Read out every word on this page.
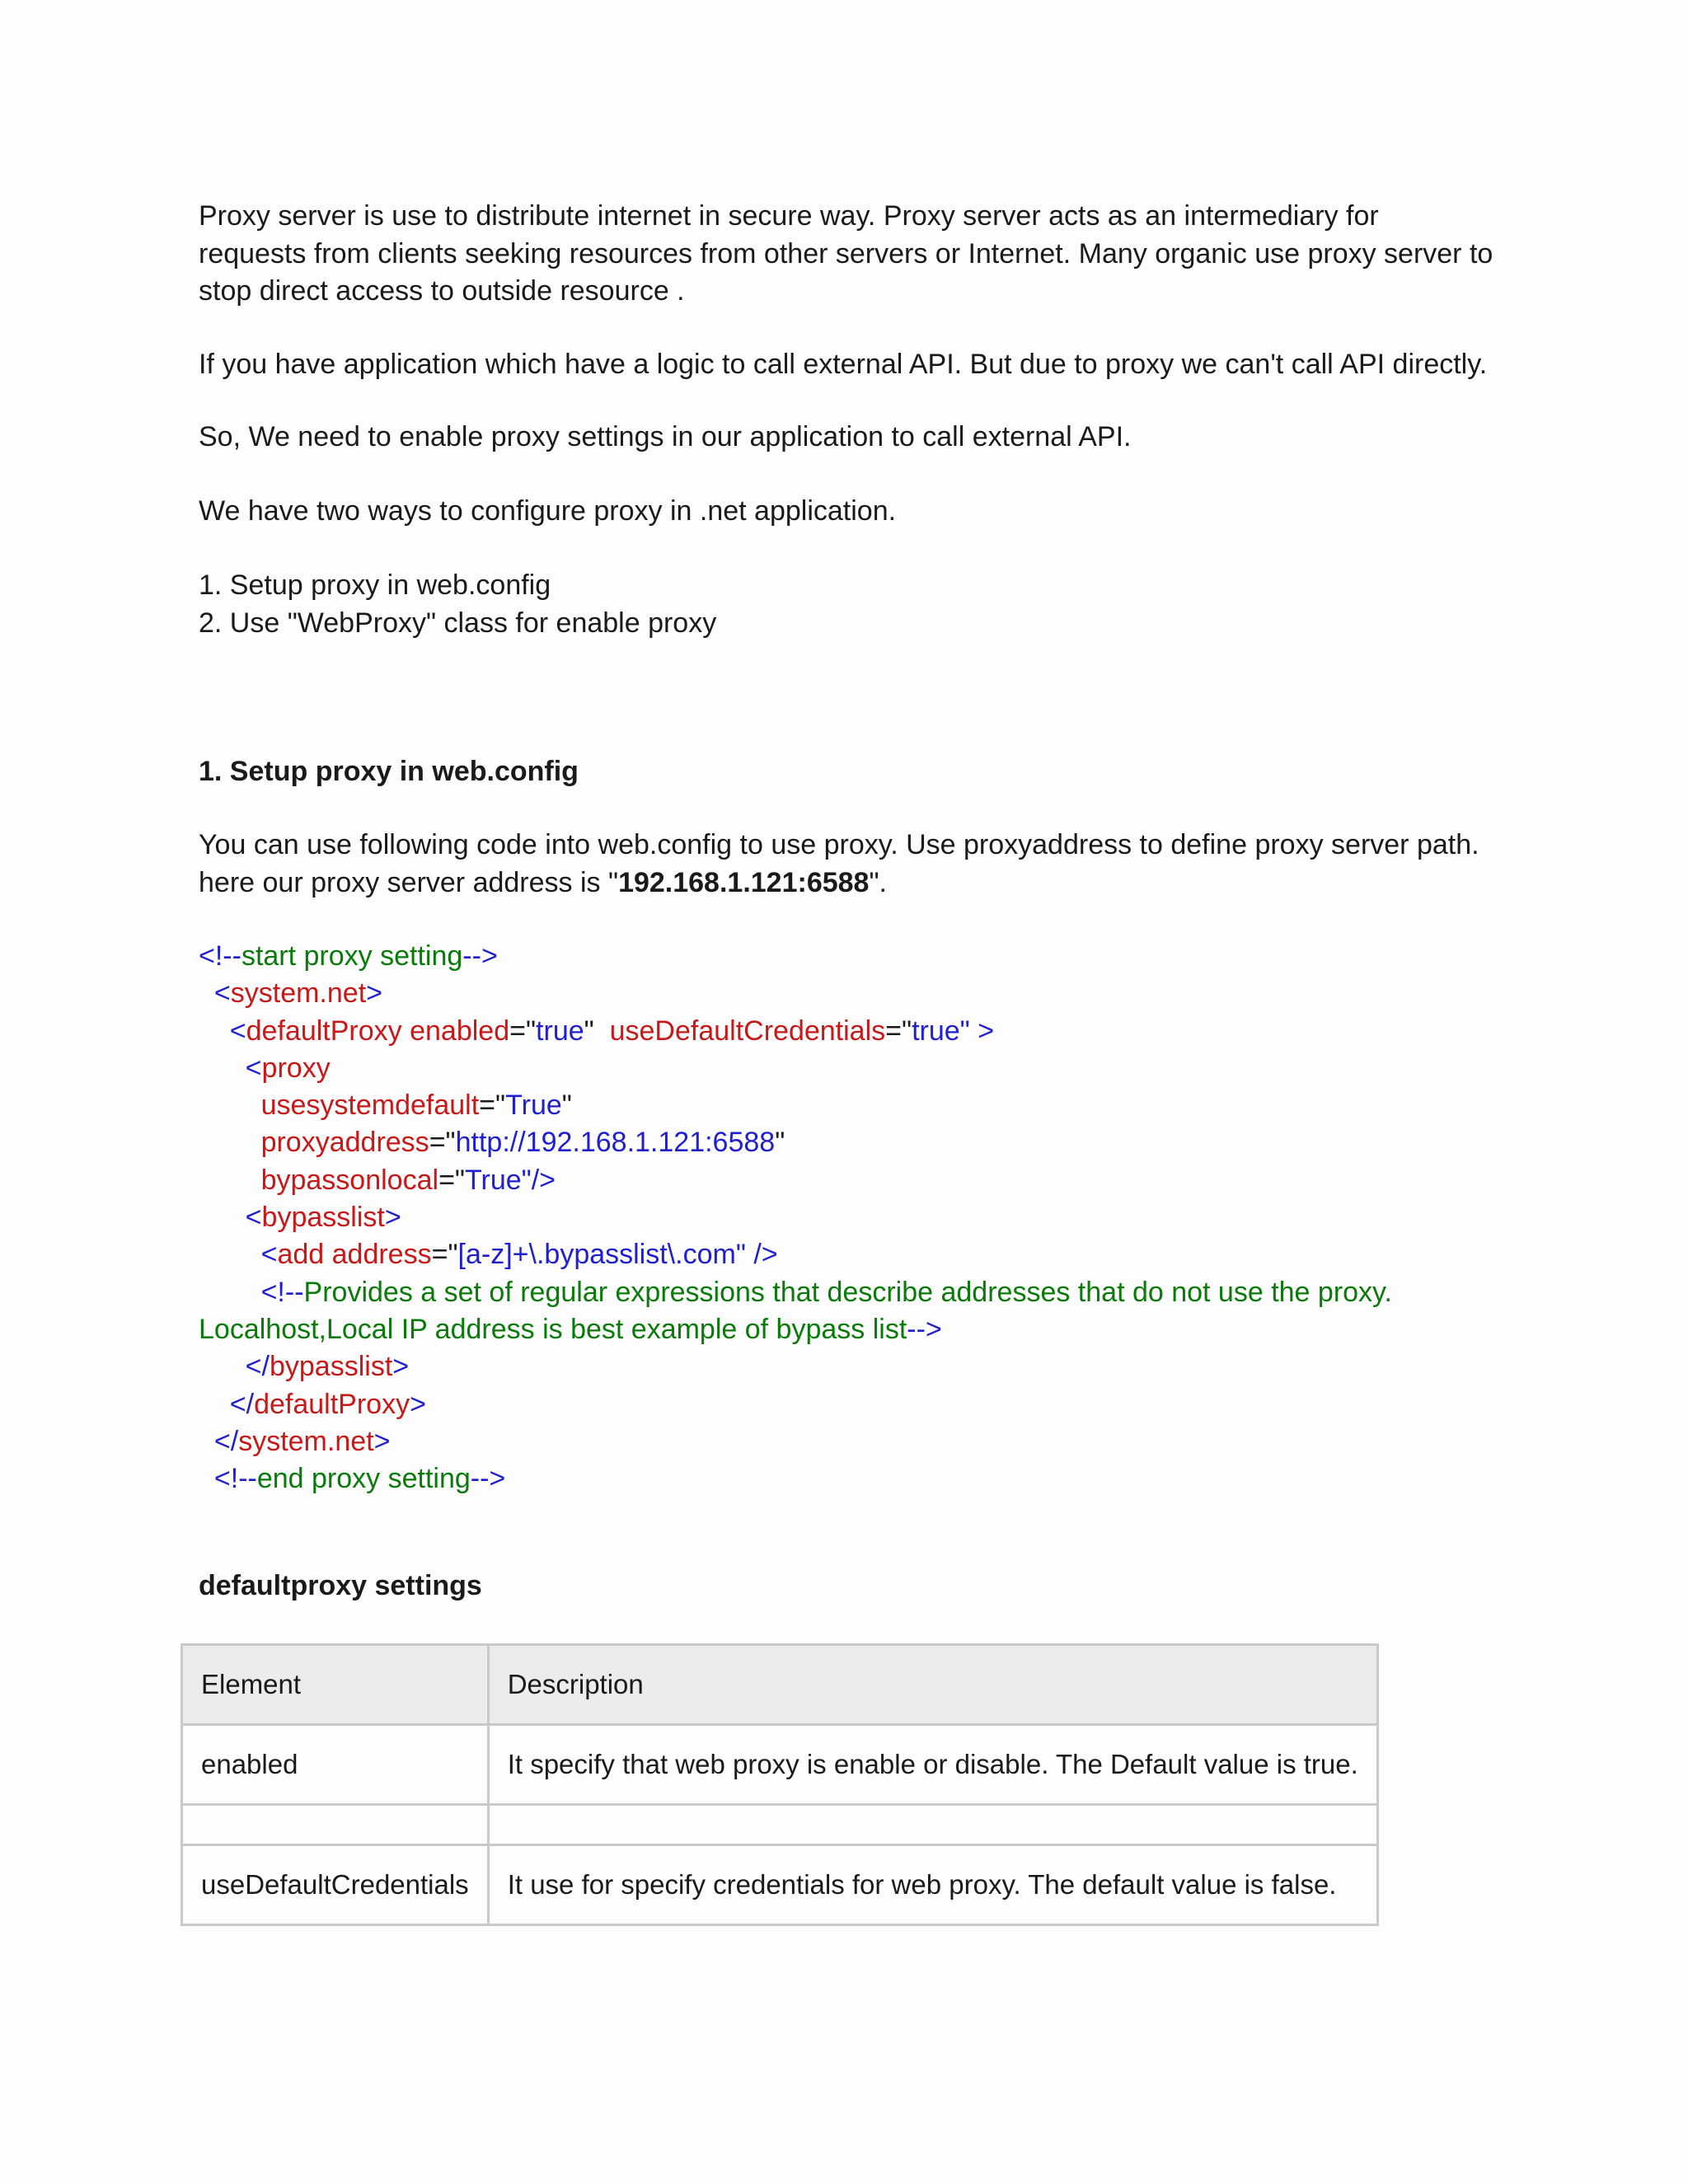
Proxy server is use to distribute internet in secure way. Proxy server acts as an intermediary for
requests from clients seeking resources from other servers or Internet. Many organic use proxy server to
stop direct access to outside resource .
If you have application which have a logic to call external API. But due to proxy we can't call API directly.
So, We need to enable proxy settings in our application to call external API.
We have two ways to configure proxy in .net application.
1. Setup proxy in web.config
2. Use "WebProxy" class for enable proxy
1. Setup proxy in web.config
You can use following code into web.config to use proxy. Use proxyaddress to define proxy server path.
here our proxy server address is "192.168.1.121:6588".
<!--start proxy setting-->
<system.net>
<defaultProxy enabled="true"  useDefaultCredentials="true" >
<proxy
usesystemdefault="True"
proxyaddress="http://192.168.1.121:6588"
bypassonlocal="True"/>
<bypasslist>
<add address="[a-z]+\.bypasslist\.com" />
<!--Provides a set of regular expressions that describe addresses that do not use the proxy.
Localhost,Local IP address is best example of bypass list-->
</bypasslist>
</defaultProxy>
</system.net>
<!--end proxy setting-->
defaultproxy settings
Element	Description
enabled	It specify that web proxy is enable or disable. The Default value is true.

useDefaultCredentials	It use for specify credentials for web proxy. The default value is false.
